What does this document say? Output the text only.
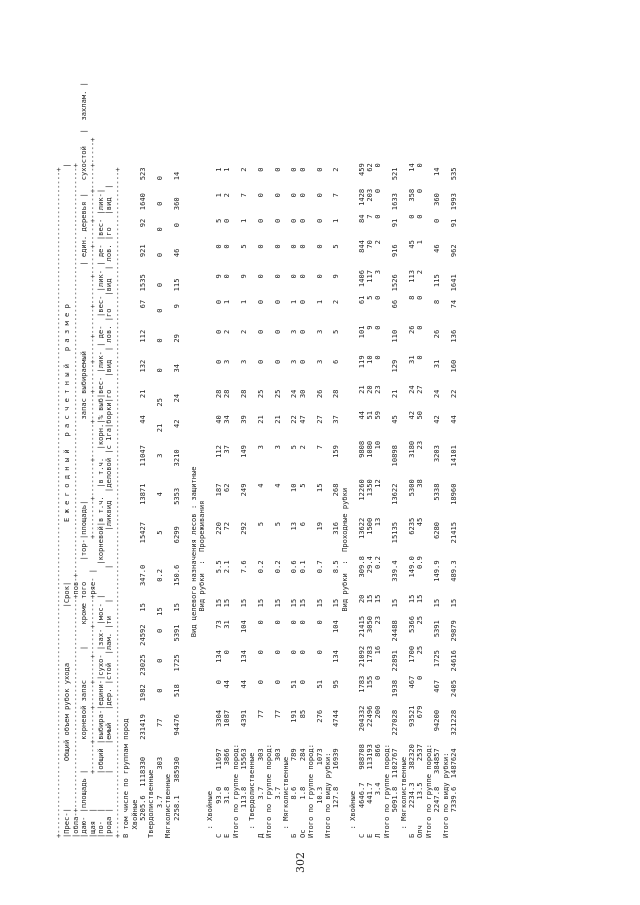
+-----------------------------------------------------------------------------------------------------------------------------------------------------------+ |Прес-|           Общий объем рубок ухода             |Срок|              Е ж е г о д н ы й   р а с ч е т н ы й   р а з м е р                                | |обла-+-------------------------------------------------+пов-+-----------------------------------------------------------------------------------------------+ |даю- |площадь |       корневой запас       |     кроме того     |тор-|площадь|                   запас выбираемый                    | един. деревья |   сухостой   |  захлам. | |щая  |        +------+-------+-----+-----+------+------+ряе- |       +--------+--------+--------+------+------+-----+------+------+------+-----+------+-----+-----+ |по-  |        |общий |выбира-|едини-|сухо- |зах- |мос- |       |корневой|в т.ч.  |в т.ч.  |корн.|% выб|вес- |лик- | де-  |вес- |лик- | де- |вес- |лик-| |рода |        |      |емый   |дер. |стой  |лам. |ти   |       |        |ликвид  |деловой |с 1га|борки|го   |вид  | лов. |го   |вид  | лов. |го   |вид  | +-----------------------------------------------------------------------------------------------------------------------------------------------------------+ В том числе по группам пород Хвойные 5205.6  1118330    231419   1982  23025  24592   15    347.0     15427    13871    11047     44    21    132    112     67  1535    921    92  1640   523 Твердолиственные 3.7      303       77      0      0      0   15      0.2        5        4        3     21    25      0      0      0     0      0     0     0     0 Мягколиственные 2258.1   385930     94476    518   1725   5391   15    150.6     6299     5353     3210     42    24     34     29      9   115     46     0   360    14
Вид целевого назначения лесов : защитные Вид рубки  :  Прореживания : Хвойные С       93.0    11697     3304      0    134     73   15      5.5      220      187      112     40    28      0      0      0     9      0     5     1     1 Е       31.8     3866     1087     44      0     31   15      2.1       72       62       37     34    28      3      2      1     0      0     0     2     1 Итого по группе пород: 113.8    15563     4391     44    134    104   15      7.6      292      249      149     39    28      3      2      1     9      5     1     7     2 : Твердолиственные Д        3.7      303       77      0      0      0   15      0.2        5        4        3     21    25      0      0      0     0      0     0     0     0 Итого по группе пород: 3.7      303       77      0      0      0   15      0.2        5        4        3     21    25      0      0      0     0      0     0     0     0 : Мягколиственные Б        8.6      789      191     51      0      0   15      0.6       13       10        5     22    24      3      3      1     0      0     0     0     0 Ос       1.8      284       85      0      0      0   15      0.1        6        5        2     47    30      0      0      0     0      0     0     0     0 Итого по группе пород: 10.3     1073      276     51      0      0   15      0.7       19       15        7     27    26      3      3      1     0      0     0     0     0 Итого по виду рубки: 127.8    16939     4744     95    134    104   15      8.5      316      268      159     37    28      6      5      2     9      5     1     7     2 Вид рубки  :  Проходные рубки : Хвойные С      4646.7   988708   204332   1783  21092  21415   20    309.8    13622    12260     9808     44    21    119    101     61  1406    844    84  1428   459 Е       441.7   113193    22496    155   1783   3050   15     29.4     1500     1350     1080     51    20     10      9      5   117     70     7   203    62 Л         3.4      866      200      0     16     23   15      0.2       13       12       10     59    23      0      0      0     3      2     0     0     0 Итого по группе пород: 5091.8  1102767   227028   1938  22891  24488   15    339.4    15135    13622    10898     45    21    129    110     66  1526    916    91  1633   521 : Мягколиственные Б      2234.3   382320    93521    467   1700   5366   15    149.0     6235     5300     3180     42    24     31     26      8   113     45     0   358    14 Олч      13.5     2537      679      0     25     25   15      0.9       45       38       23     50    27      0      0      0     2      1     0     0     0 Итого по группе пород: 2247.8   384857    94200    467   1725   5391   15    149.9     6280     5338     3203     42    24     31     26      8   115     46     0   360    14 Итого по виду рубки: 7339.6  1487624   321228   2405  24616  29879   15    489.3    21415    18960    14101     44    22    160    136     74  1641    962    91  1993   535
302
